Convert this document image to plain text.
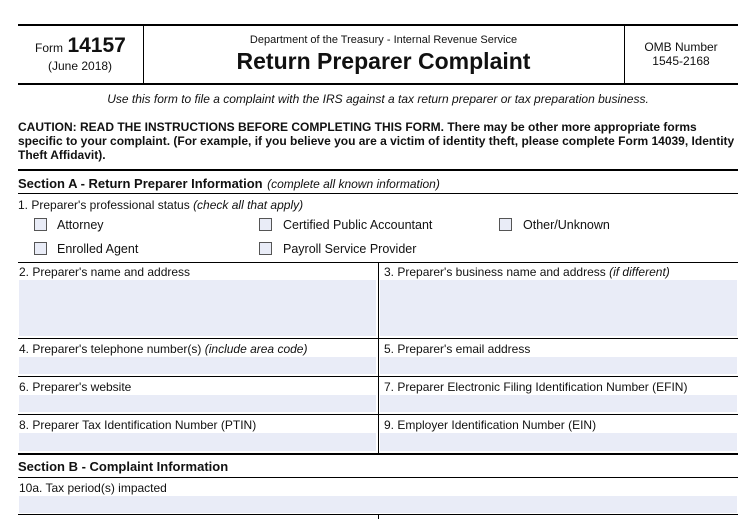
Form 14157
(June 2018)
Department of the Treasury - Internal Revenue Service
Return Preparer Complaint
OMB Number
1545-2168
Use this form to file a complaint with the IRS against a tax return preparer or tax preparation business.
CAUTION: READ THE INSTRUCTIONS BEFORE COMPLETING THIS FORM. There may be other more appropriate forms
specific to your complaint. (For example, if you believe you are a victim of identity theft, please complete Form 14039, Identity
Theft Affidavit).
Section A - Return Preparer Information (complete all known information)
1. Preparer's professional status (check all that apply)
Attorney	Certified Public Accountant	Other/Unknown
Enrolled Agent	Payroll Service Provider
2. Preparer's name and address	3. Preparer's business name and address (if different)
4. Preparer's telephone number(s) (include area code)	5. Preparer's email address
6. Preparer's website	7. Preparer Electronic Filing Identification Number (EFIN)
8. Preparer Tax Identification Number (PTIN)	9. Employer Identification Number (EIN)
Section B - Complaint Information
10a. Tax period(s) impacted
